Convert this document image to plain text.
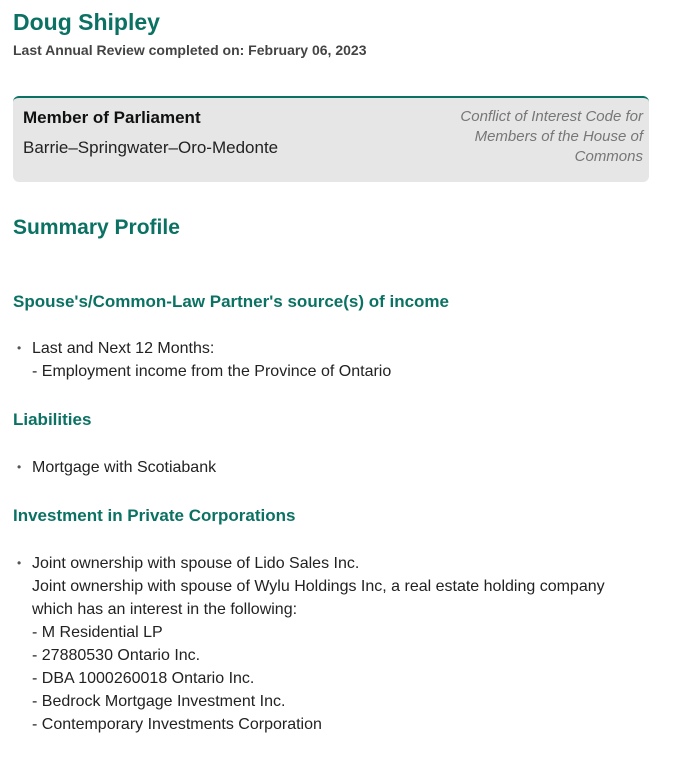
Doug Shipley
Last Annual Review completed on: February 06, 2023
Member of Parliament
Barrie–Springwater–Oro-Medonte
Conflict of Interest Code for Members of the House of Commons
Summary Profile
Spouse's/Common-Law Partner's source(s) of income
• Last and Next 12 Months:
- Employment income from the Province of Ontario
Liabilities
• Mortgage with Scotiabank
Investment in Private Corporations
• Joint ownership with spouse of Lido Sales Inc.
Joint ownership with spouse of Wylu Holdings Inc, a real estate holding company
which has an interest in the following:
- M Residential LP
- 27880530 Ontario Inc.
- DBA 1000260018 Ontario Inc.
- Bedrock Mortgage Investment Inc.
- Contemporary Investments Corporation
